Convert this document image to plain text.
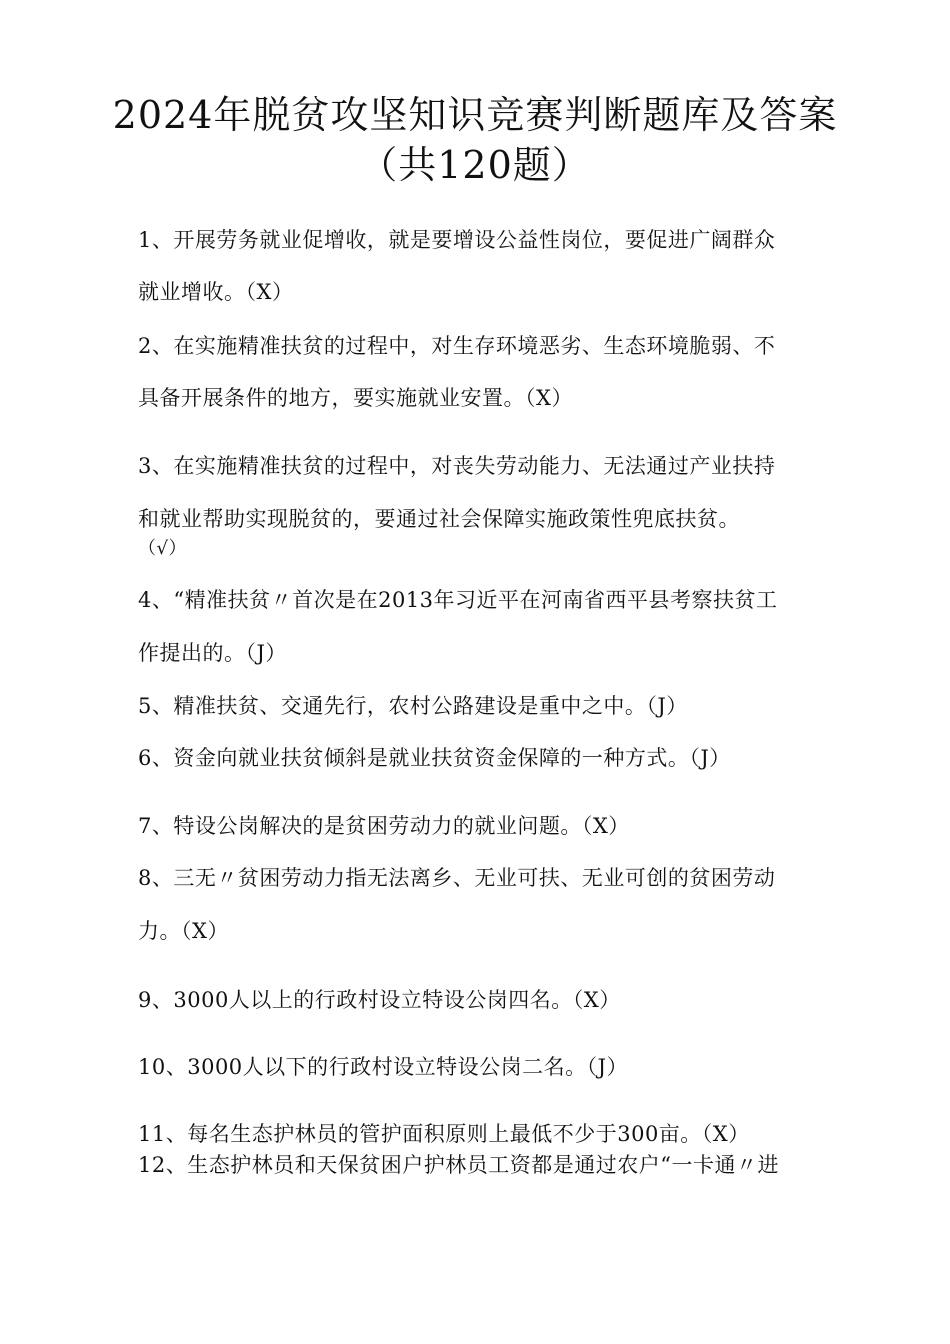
2024年脱贫攻坚知识竞赛判断题库及答案
（共120题）
1、开展劳务就业促增收，就是要增设公益性岗位，要促进广阔群众
就业增收。（X）
2、在实施精准扶贫的过程中，对生存环境恶劣、生态环境脆弱、不
具备开展条件的地方，要实施就业安置。（X）
3、在实施精准扶贫的过程中，对丧失劳动能力、无法通过产业扶持
和就业帮助实现脱贫的，要通过社会保障实施政策性兜底扶贫。
（√）
4、“精准扶贫〃首次是在2013年习近平在河南省西平县考察扶贫工
作提出的。（J）
5、精准扶贫、交通先行，农村公路建设是重中之中。（J）
6、资金向就业扶贫倾斜是就业扶贫资金保障的一种方式。（J）
7、特设公岗解决的是贫困劳动力的就业问题。（X）
8、三无〃贫困劳动力指无法离乡、无业可扶、无业可创的贫困劳动
力。（X）
9、3000人以上的行政村设立特设公岗四名。（X）
10、3000人以下的行政村设立特设公岗二名。（J）
11、每名生态护林员的管护面积原则上最低不少于300亩。（X）
12、生态护林员和天保贫困户护林员工资都是通过农户“一卡通〃进
